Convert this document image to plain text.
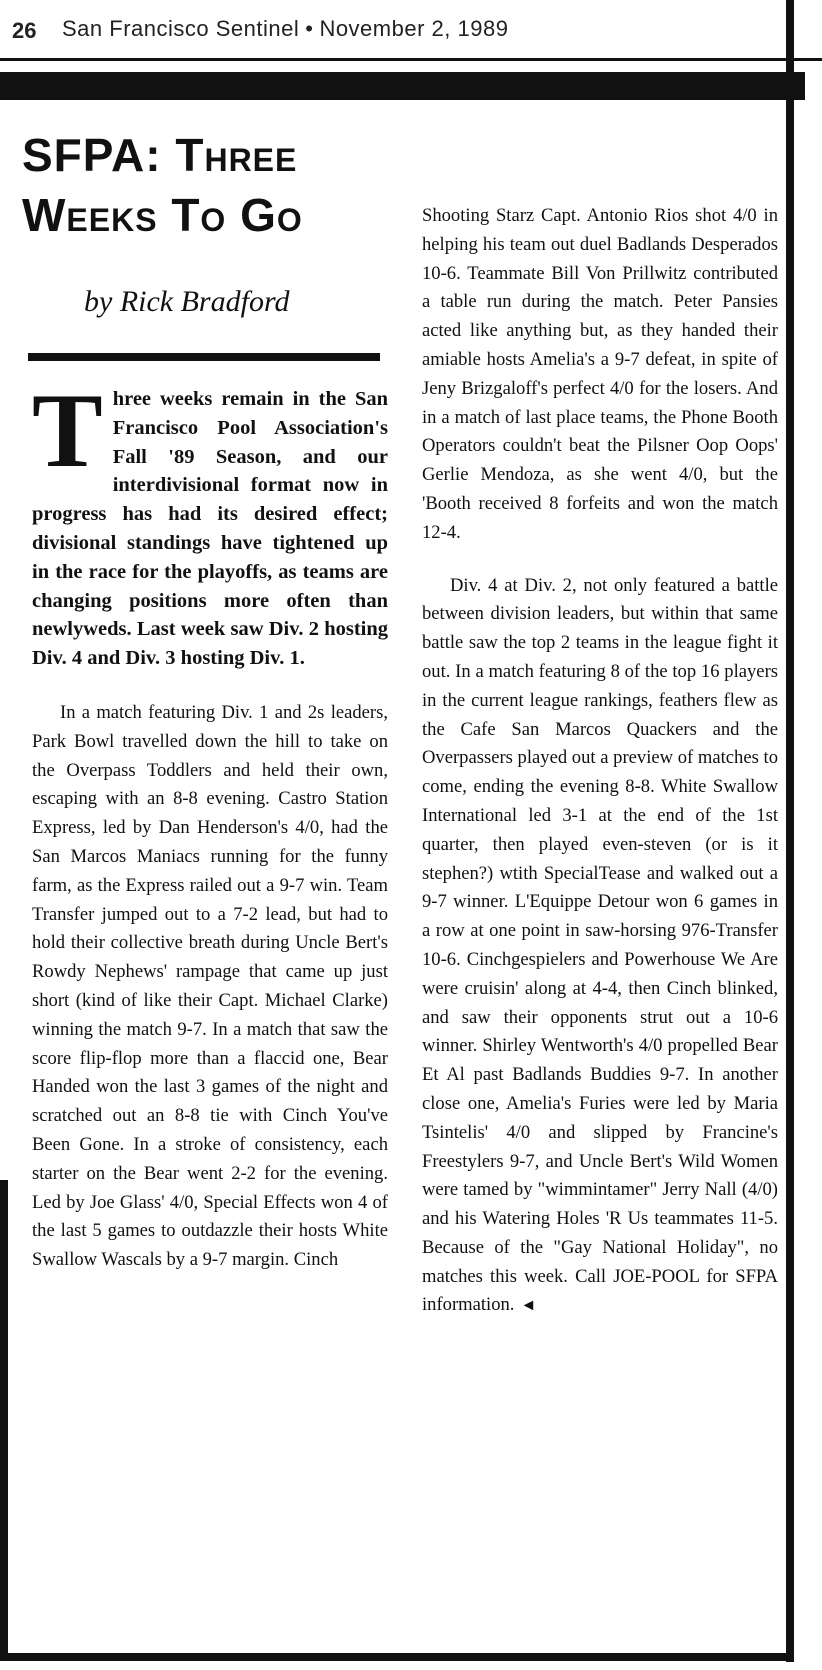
26 San Francisco Sentinel • November 2, 1989
SFPA: Three Weeks To Go
by Rick Bradford

Three weeks remain in the San Francisco Pool Association's Fall '89 Season, and our interdivisional format now in progress has had its desired effect; divisional standings have tightened up in the race for the playoffs, as teams are changing positions more often than newlyweds. Last week saw Div. 2 hosting Div. 4 and Div. 3 hosting Div. 1.

In a match featuring Div. 1 and 2s leaders, Park Bowl travelled down the hill to take on the Overpass Toddlers and held their own, escaping with an 8-8 evening. Castro Station Express, led by Dan Henderson's 4/0, had the San Marcos Maniacs running for the funny farm, as the Express railed out a 9-7 win. Team Transfer jumped out to a 7-2 lead, but had to hold their collective breath during Uncle Bert's Rowdy Nephews' rampage that came up just short (kind of like their Capt. Michael Clarke) winning the match 9-7. In a match that saw the score flip-flop more than a flaccid one, Bear Handed won the last 3 games of the night and scratched out an 8-8 tie with Cinch You've Been Gone. In a stroke of consistency, each starter on the Bear went 2-2 for the evening. Led by Joe Glass' 4/0, Special Effects won 4 of the last 5 games to outdazzle their hosts White Swallow Wascals by a 9-7 margin. Cinch

Shooting Starz Capt. Antonio Rios shot 4/0 in helping his team out duel Badlands Desperados 10-6. Teammate Bill Von Prillwitz contributed a table run during the match. Peter Pansies acted like anything but, as they handed their amiable hosts Amelia's a 9-7 defeat, in spite of Jeny Brizgaloff's perfect 4/0 for the losers. And in a match of last place teams, the Phone Booth Operators couldn't beat the Pilsner Oop Oops' Gerlie Mendoza, as she went 4/0, but the 'Booth received 8 forfeits and won the match 12-4.

Div. 4 at Div. 2, not only featured a battle between division leaders, but within that same battle saw the top 2 teams in the league fight it out. In a match featuring 8 of the top 16 players in the current league rankings, feathers flew as the Cafe San Marcos Quackers and the Overpassers played out a preview of matches to come, ending the evening 8-8. White Swallow International led 3-1 at the end of the 1st quarter, then played even-steven (or is it stephen?) wtith SpecialTease and walked out a 9-7 winner. L'Equippe Detour won 6 games in a row at one point in saw-horsing 976-Transfer 10-6. Cinchgespielers and Powerhouse We Are were cruisin' along at 4-4, then Cinch blinked, and saw their opponents strut out a 10-6 winner. Shirley Wentworth's 4/0 propelled Bear Et Al past Badlands Buddies 9-7. In another close one, Amelia's Furies were led by Maria Tsintelis' 4/0 and slipped by Francine's Freestylers 9-7, and Uncle Bert's Wild Women were tamed by "wimmintamer" Jerry Nall (4/0) and his Watering Holes 'R Us teammates 11-5. Because of the "Gay National Holiday", no matches this week. Call JOE-POOL for SFPA information. ◄
